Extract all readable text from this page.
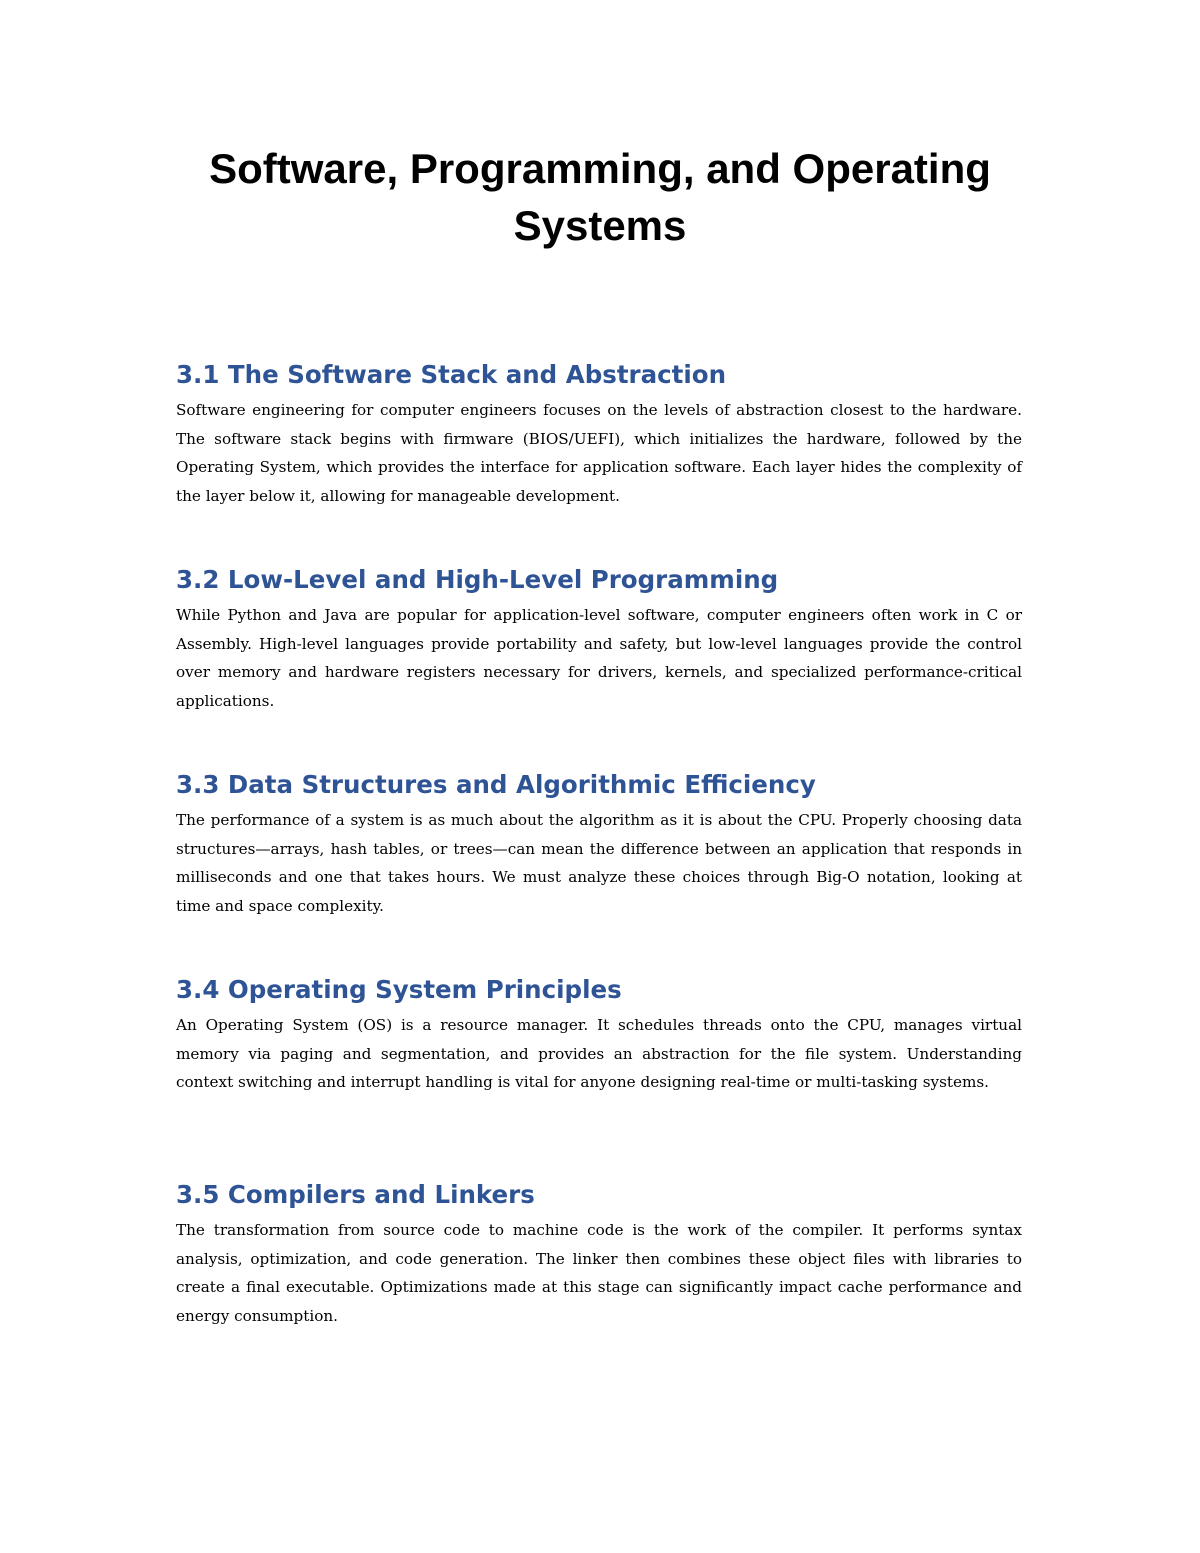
Software, Programming, and Operating Systems
3.1 The Software Stack and Abstraction

Software engineering for computer engineers focuses on the levels of abstraction closest to the hardware. The software stack begins with firmware (BIOS/UEFI), which initializes the hardware, followed by the Operating System, which provides the interface for application software. Each layer hides the complexity of the layer below it, allowing for manageable development.

3.2 Low-Level and High-Level Programming

While Python and Java are popular for application-level software, computer engineers often work in C or Assembly. High-level languages provide portability and safety, but low-level languages provide the control over memory and hardware registers necessary for drivers, kernels, and specialized performance-critical applications.

3.3 Data Structures and Algorithmic Efficiency

The performance of a system is as much about the algorithm as it is about the CPU. Properly choosing data structures—arrays, hash tables, or trees—can mean the difference between an application that responds in milliseconds and one that takes hours. We must analyze these choices through Big-O notation, looking at time and space complexity.

3.4 Operating System Principles

An Operating System (OS) is a resource manager. It schedules threads onto the CPU, manages virtual memory via paging and segmentation, and provides an abstraction for the file system. Understanding context switching and interrupt handling is vital for anyone designing real-time or multi-tasking systems.

3.5 Compilers and Linkers

The transformation from source code to machine code is the work of the compiler. It performs syntax analysis, optimization, and code generation. The linker then combines these object files with libraries to create a final executable. Optimizations made at this stage can significantly impact cache performance and energy consumption.
